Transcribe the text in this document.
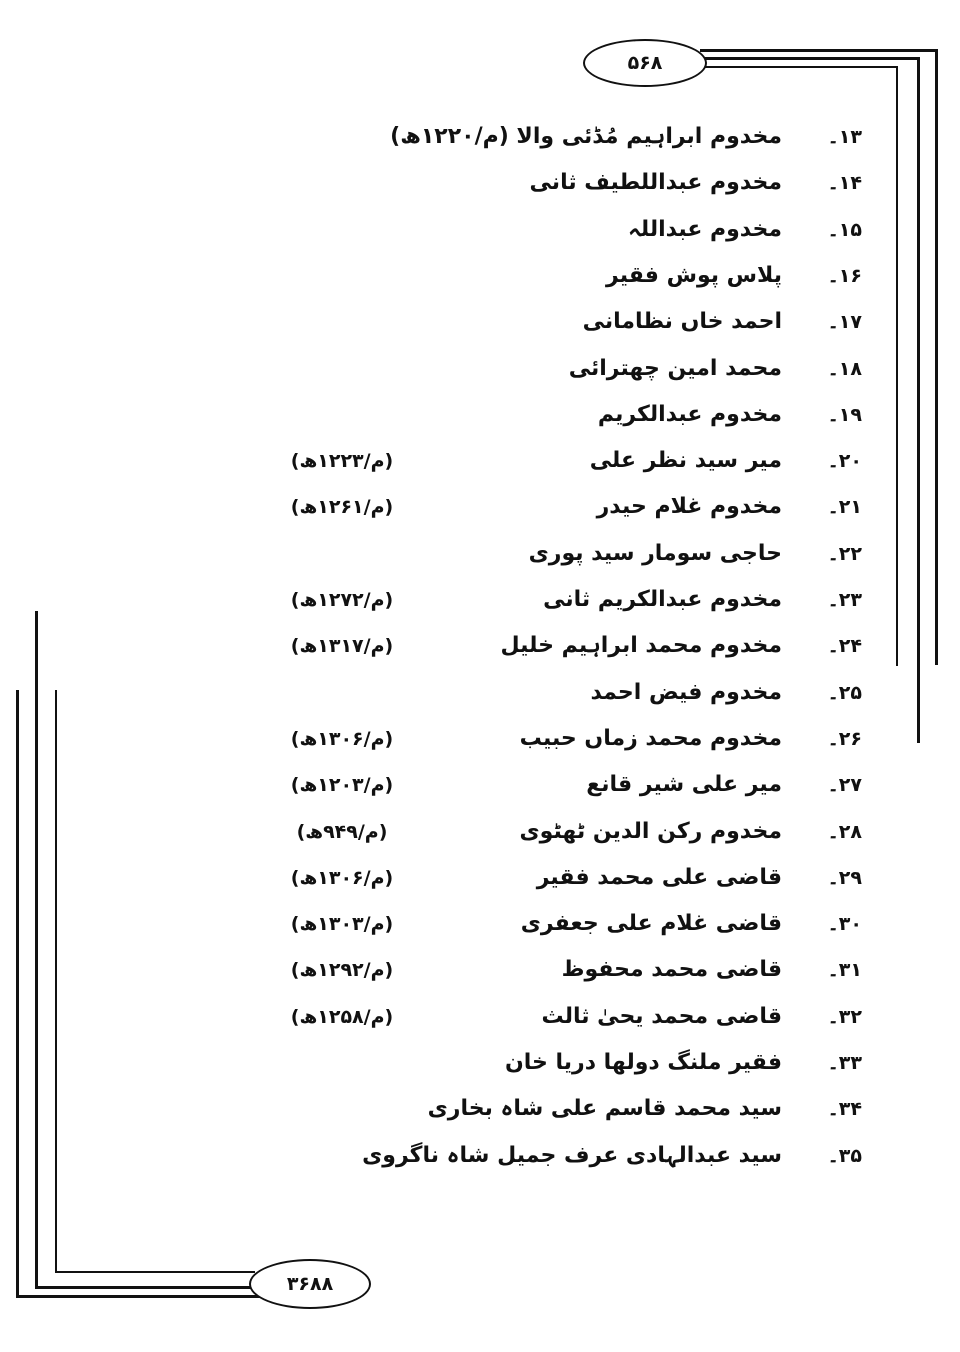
۵۶۸
۳۶۸۸
۱۳۔
مخدوم ابراہیم مُڈئی والا (م/۱۲۲۰ھ)
۱۴۔
مخدوم عبداللطیف ثانی
۱۵۔
مخدوم عبداللہ
۱۶۔
پلاس پوش فقیر
۱۷۔
احمد خاں نظامانی
۱۸۔
محمد امین چھترائی
۱۹۔
مخدوم عبدالکریم
۲۰۔
میر سید نظر علی
(م/۱۲۲۳ھ)
۲۱۔
مخدوم غلام حیدر
(م/۱۲۶۱ھ)
۲۲۔
حاجی سومار سید پوری
۲۳۔
مخدوم عبدالکریم ثانی
(م/۱۲۷۲ھ)
۲۴۔
مخدوم محمد ابراہیم خلیل
(م/۱۳۱۷ھ)
۲۵۔
مخدوم فیض احمد
۲۶۔
مخدوم محمد زماں حبیب
(م/۱۳۰۶ھ)
۲۷۔
میر علی شیر قانع
(م/۱۲۰۳ھ)
۲۸۔
مخدوم رکن الدین ٹھٹوی
(م/۹۴۹ھ)
۲۹۔
قاضی علی محمد فقیر
(م/۱۳۰۶ھ)
۳۰۔
قاضی غلام علی جعفری
(م/۱۳۰۳ھ)
۳۱۔
قاضی محمد محفوظ
(م/۱۲۹۲ھ)
۳۲۔
قاضی محمد یحیٰ ثالث
(م/۱۲۵۸ھ)
۳۳۔
فقیر ملنگ دولھا دریا خان
۳۴۔
سید محمد قاسم علی شاہ بخاری
۳۵۔
سید عبدالہادی عرف جمیل شاہ ناگروی
